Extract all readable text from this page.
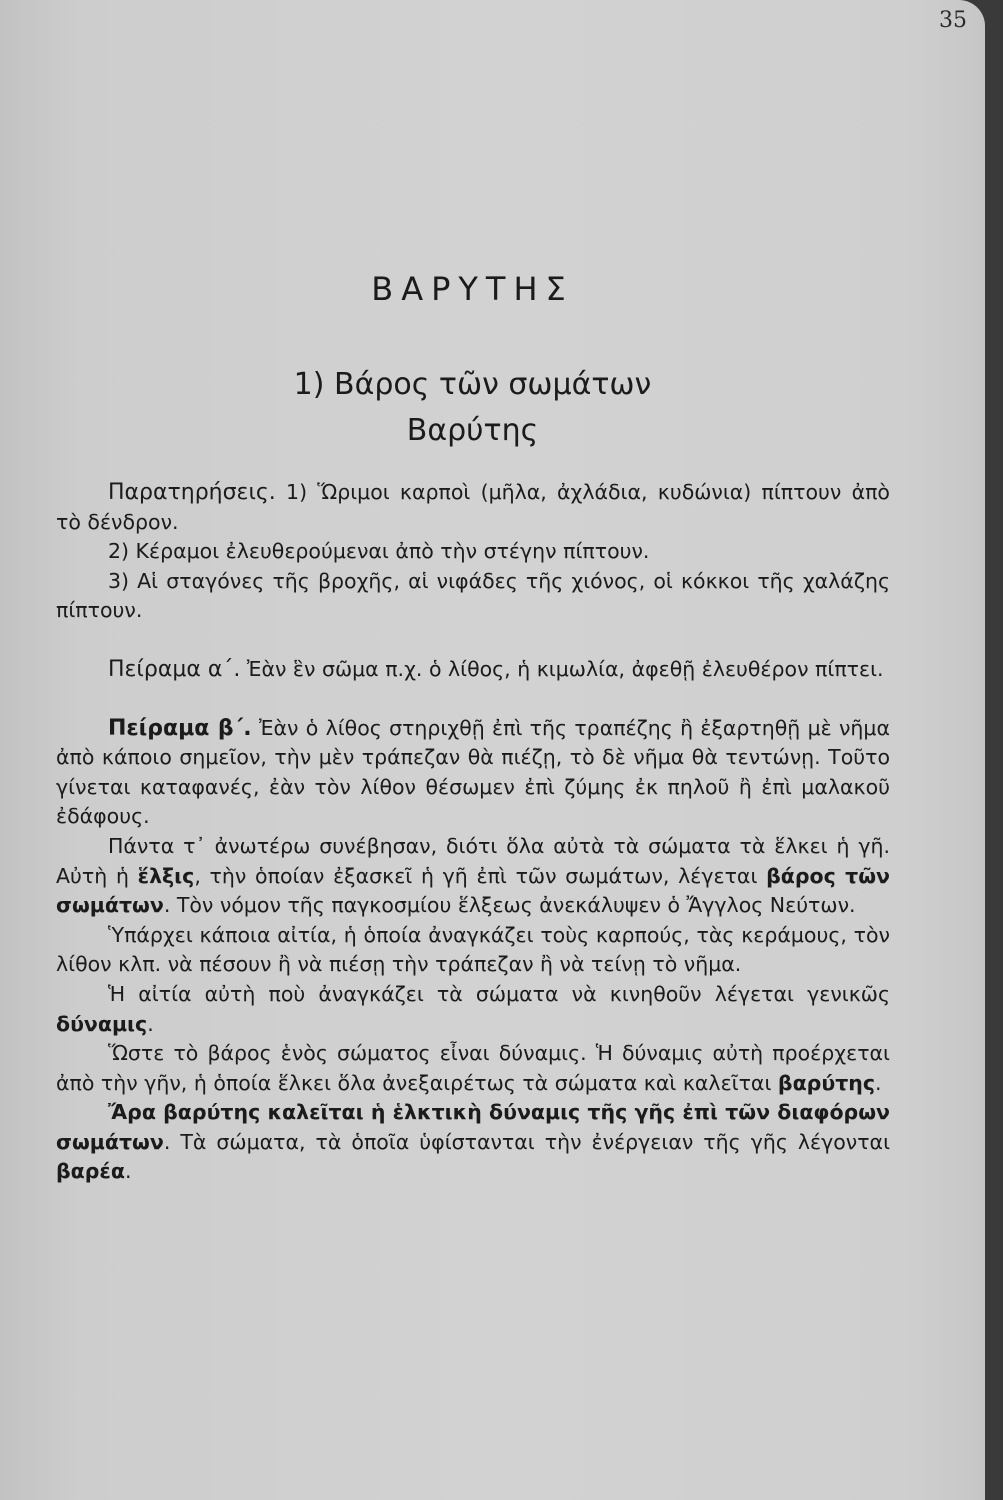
35
ΒΑΡΥΤΗΣ
1) Βάρος τῶν σωμάτων
Βαρύτης

Παρατηρήσεις. 1) Ὥριμοι καρποὶ (μῆλα, ἀχλάδια, κυδώνια) πίπτουν ἀπὸ τὸ δένδρον.

2) Κέραμοι ἐλευθερούμεναι ἀπὸ τὴν στέγην πίπτουν.

3) Αἱ σταγόνες τῆς βροχῆς, αἱ νιφάδες τῆς χιόνος, οἱ κόκκοι τῆς χαλάζης πίπτουν.

Πείραμα α΄. Ἐὰν ἓν σῶμα π.χ. ὁ λίθος, ἡ κιμωλία, ἀφεθῇ ἐλευθέρον πίπτει.

Πείραμα β΄. Ἐὰν ὁ λίθος στηριχθῇ ἐπὶ τῆς τραπέζης ἢ ἐξαρτηθῇ μὲ νῆμα ἀπὸ κάποιο σημεῖον, τὴν μὲν τράπεζαν θὰ πιέζῃ, τὸ δὲ νῆμα θὰ τεντώνῃ. Τοῦτο γίνεται καταφανές, ἐὰν τὸν λίθον θέσωμεν ἐπὶ ζύμης ἐκ πηλοῦ ἢ ἐπὶ μαλακοῦ ἐδάφους.

Πάντα τ᾿ ἀνωτέρω συνέβησαν, διότι ὅλα αὐτὰ τὰ σώματα τὰ ἕλκει ἡ γῆ. Αὐτὴ ἡ ἕλξις, τὴν ὁποίαν ἐξασκεῖ ἡ γῆ ἐπὶ τῶν σωμάτων, λέγεται βάρος τῶν σωμάτων. Τὸν νόμον τῆς παγκοσμίου ἕλξεως ἀνεκάλυψεν ὁ Ἄγγλος Νεύτων.

Ὑπάρχει κάποια αἰτία, ἡ ὁποία ἀναγκάζει τοὺς καρπούς, τὰς κεράμους, τὸν λίθον κλπ. νὰ πέσουν ἢ νὰ πιέσῃ τὴν τράπεζαν ἢ νὰ τείνῃ τὸ νῆμα.

Ἡ αἰτία αὐτὴ ποὺ ἀναγκάζει τὰ σώματα νὰ κινηθοῦν λέγεται γενικῶς δύναμις.

Ὥστε τὸ βάρος ἑνὸς σώματος εἶναι δύναμις. Ἡ δύναμις αὐτὴ προέρχεται ἀπὸ τὴν γῆν, ἡ ὁποία ἕλκει ὅλα ἀνεξαιρέτως τὰ σώματα καὶ καλεῖται βαρύτης.

Ἄρα βαρύτης καλεῖται ἡ ἑλκτικὴ δύναμις τῆς γῆς ἐπὶ τῶν διαφόρων σωμάτων. Τὰ σώματα, τὰ ὁποῖα ὑφίστανται τὴν ἐνέργειαν τῆς γῆς λέγονται βαρέα.
